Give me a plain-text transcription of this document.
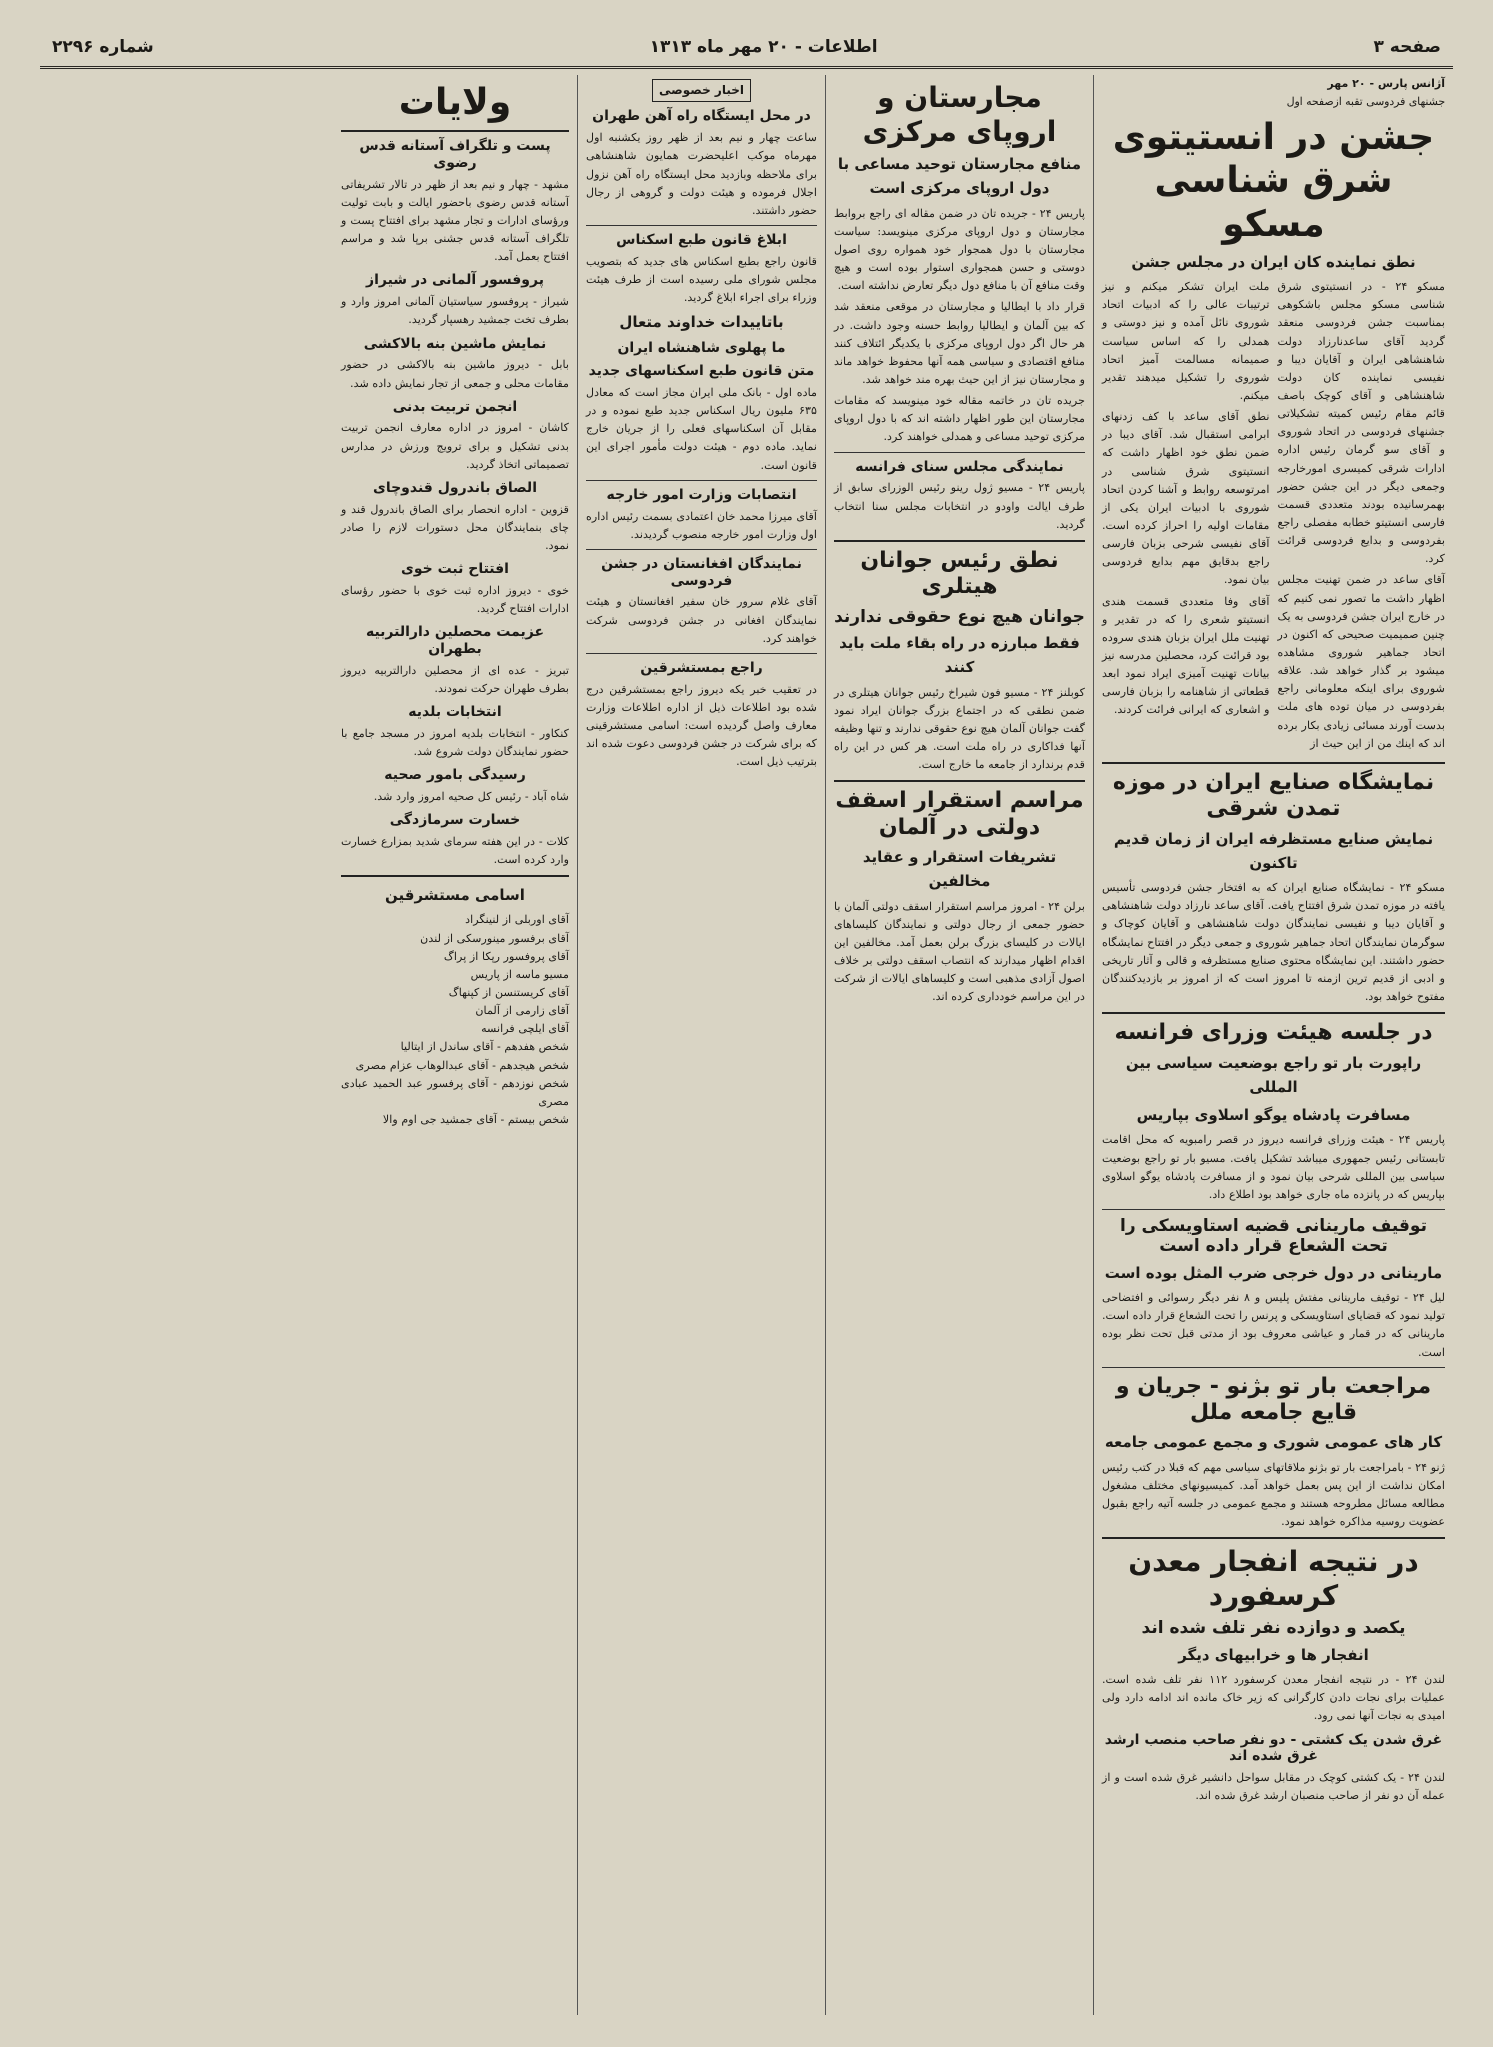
صفحه ۳
اطلاعات - ۲۰ مهر ماه ۱۳۱۳
شماره ۲۲۹۶
آژانس پارس - ۲۰ مهر
جشنهای فردوسی تقبه ازصفحه اول
جشن در انستیتوی شرق شناسی مسکو
نطق نماینده کان ایران در مجلس جشن

مسکو ۲۴ - در انستیتوی شرق شناسی مسکو مجلس باشکوهی بمناسبت جشن فردوسی منعقد گردید آقای ساعدنارزاد دولت شاهنشاهی ایران و آقایان دیبا و نفیسی نماینده کان دولت شاهنشاهی و آقای کوچک باصف قائم مقام رئیس کمیته تشکیلاتی جشنهای فردوسی در اتحاد شوروی و آقای سو گرمان رئیس اداره ادارات شرقی کمیسری امورخارجه وجمعی دیگر در این جشن حضور بهمرسانیده بودند متعددی قسمت فارسی انستیتو خطابه مفصلی راجع بفردوسی و بدایع فردوسی قرائت کرد.

آقای ساعد در ضمن تهنیت مجلس اظهار داشت ما تصور نمی کنیم که در خارج ایران جشن فردوسی به یک چنین صمیمیت صحیحی که اکنون در اتحاد جماهیر شوروی مشاهده میشود بر گذار خواهد شد. علاقه شوروی برای اینکه معلومانی راجع بفردوسی در میان توده های ملت بدست آورند مسائی زیادی بکار برده اند که اینك من از این حیث از

ملت ایران تشکر میکنم و نیز ترتیبات عالی را که ادبیات اتحاد شوروی نائل آمده و نیز دوستی و همدلی را که اساس سیاست صمیمانه مسالمت آمیز اتحاد شوروی را تشکیل میدهند تقدیر میکنم.

نطق آقای ساعد با کف زدنهای ابرامی استقبال شد. آقای دیبا در ضمن نطق خود اظهار داشت که انستیتوی شرق شناسی در امرتوسعه روابط و آشنا کردن اتحاد شوروی با ادبیات ایران یکی از مقامات اولیه را احراز کرده است. آقای نفیسی شرحی بزبان فارسی راجع بدقایق مهم بدایع فردوسی بیان نمود.

آقای وفا متعددی قسمت هندی انستیتو شعری را که در تقدیر و تهنیت ملل ایران بزبان هندی سروده بود قرائت کرد، محصلین مدرسه نیز بیانات تهنیت آمیزی ایراد نمود ابعد قطعاتی از شاهنامه را بزبان فارسی و اشعاری که ایرانی فرائت کردند.

نمایشگاه صنایع ایران در موزه تمدن شرقی
نمایش صنایع مستظرفه ایران از زمان قدیم تاکنون

مسکو ۲۴ - نمایشگاه صنایع ایران که به افتخار جشن فردوسی تأسیس یافته در موزه تمدن شرق افتتاح یافت. آقای ساعد نارزاد دولت شاهنشاهی و آقایان دیبا و نفیسی نمایندگان دولت شاهنشاهی و آقایان کوچاک و سوگرمان نمایندگان اتحاد جماهیر شوروی و جمعی دیگر در افتتاح نمایشگاه حضور داشتند. این نمایشگاه محتوی صنایع مستظرفه و قالی و آثار تاریخی و ادبی از قدیم ترین ازمنه تا امروز است که از امروز بر بازدیدکنندگان مفتوح خواهد بود.

در جلسه هیئت وزرای فرانسه
راپورت بار تو راجع بوضعیت سیاسی بین المللی
مسافرت پادشاه یوگو اسلاوی بپاریس

پاریس ۲۴ - هیئت وزرای فرانسه دیروز در قصر رامبویه که محل اقامت تابستانی رئیس جمهوری میباشد تشکیل یافت. مسیو بار تو راجع بوضعیت سیاسی بین المللی شرحی بیان نمود و از مسافرت پادشاه یوگو اسلاوی بپاریس که در پانزده ماه جاری خواهد بود اطلاع داد.

توقیف مارینانی قضیه استاویسکی را تحت الشعاع قرار داده است
مارینانی در دول خرجی ضرب المثل بوده است

لیل ۲۴ - توقیف مارینانی مفتش پلیس و ۸ نفر دیگر رسوائی و افتضاحی تولید نمود که قضایای استاویسکی و پرنس را تحت الشعاع قرار داده است. مارینانی که در قمار و عیاشی معروف بود از مدتی قبل تحت نظر بوده است.

مراجعت بار تو بژنو - جریان و قایع جامعه ملل
کار های عمومی شوری و مجمع عمومی جامعه

ژنو ۲۴ - بامراجعت بار تو بژنو ملاقاتهای سیاسی مهم که قبلا در کتب رئیس امکان نداشت از این پس بعمل خواهد آمد. کمیسیونهای مختلف مشغول مطالعه مسائل مطروحه هستند و مجمع عمومی در جلسه آتیه راجع بقبول عضویت روسیه مذاکره خواهد نمود.

در نتیجه انفجار معدن کرسفورد
یکصد و دوازده نفر تلف شده اند
انفجار ها و خرابیهای دیگر

لندن ۲۴ - در نتیجه انفجار معدن کرسفورد ۱۱۲ نفر تلف شده است. عملیات برای نجات دادن کارگرانی که زیر خاک مانده اند ادامه دارد ولی امیدی به نجات آنها نمی رود.

غرق شدن یک کشتی - دو نفر صاحب منصب ارشد غرق شده اند

لندن ۲۴ - یک کشتی کوچک در مقابل سواحل دانشیر غرق شده است و از عمله آن دو نفر از صاحب منصبان ارشد غرق شده اند.

مجارستان و اروپای مرکزی
منافع مجارستان توحید مساعی با دول اروپای مرکزی است

پاریس ۲۴ - جریده تان در ضمن مقاله ای راجع بروابط مجارستان و دول اروپای مرکزی مینویسد: سیاست مجارستان با دول همجوار خود همواره روی اصول دوستی و حسن همجواری استوار بوده است و هیچ وقت منافع آن با منافع دول دیگر تعارض نداشته است.

قرار داد با ایطالیا و مجارستان در موقعی منعقد شد که بین آلمان و ایطالیا روابط حسنه وجود داشت. در هر حال اگر دول اروپای مرکزی با یکدیگر ائتلاف کنند منافع اقتصادی و سیاسی همه آنها محفوظ خواهد ماند و مجارستان نیز از این حیث بهره مند خواهد شد.

جریده تان در خاتمه مقاله خود مینویسد که مقامات مجارستان این طور اظهار داشته اند که با دول اروپای مرکزی توحید مساعی و همدلی خواهند کرد.

نمایندگی مجلس سنای فرانسه

پاریس ۲۴ - مسیو ژول رینو رئیس الوزرای سابق از طرف ایالت واودو در انتخابات مجلس سنا انتخاب گردید.

نطق رئیس جوانان هیتلری
جوانان هیچ نوع حقوقی ندارند
فقط مبارزه در راه بقاء ملت باید کنند

کوبلنز ۲۴ - مسیو فون شیراخ رئیس جوانان هیتلری در ضمن نطقی که در اجتماع بزرگ جوانان ایراد نمود گفت جوانان آلمان هیچ نوع حقوقی ندارند و تنها وظیفه آنها فداکاری در راه ملت است. هر کس در این راه قدم برندارد از جامعه ما خارج است.

مراسم استقرار اسقف دولتی در آلمان
تشریفات استقرار و عقاید مخالفین

برلن ۲۴ - امروز مراسم استقرار اسقف دولتی آلمان با حضور جمعی از رجال دولتی و نمایندگان کلیساهای ایالات در کلیسای بزرگ برلن بعمل آمد. مخالفین این اقدام اظهار میدارند که انتصاب اسقف دولتی بر خلاف اصول آزادی مذهبی است و کلیساهای ایالات از شرکت در این مراسم خودداری کرده اند.

اخبار خصوصی
در محل ایستگاه راه آهن طهران

ساعت چهار و نیم بعد از ظهر روز یکشنبه اول مهرماه موکب اعلیحضرت همایون شاهنشاهی برای ملاحظه وبازدید محل ایستگاه راه آهن نزول اجلال فرموده و هیئت دولت و گروهی از رجال حضور داشتند.

ابلاغ قانون طبع اسکناس

قانون راجع بطبع اسکناس های جدید که بتصویب مجلس شورای ملی رسیده است از طرف هیئت وزراء برای اجراء ابلاغ گردید.

باتاییدات خداوند متعال
ما پهلوی شاهنشاه ایران
متن قانون طبع اسکناسهای جدید

ماده اول - بانک ملی ایران مجاز است که معادل ۶۳۵ ملیون ریال اسکناس جدید طبع نموده و در مقابل آن اسکناسهای فعلی را از جریان خارج نماید. ماده دوم - هیئت دولت مأمور اجرای این قانون است.

انتصابات وزارت امور خارجه

آقای میرزا محمد خان اعتمادی بسمت رئیس اداره اول وزارت امور خارجه منصوب گردیدند.

نمایندگان افغانستان در جشن فردوسی

آقای غلام سرور خان سفیر افغانستان و هیئت نمایندگان افغانی در جشن فردوسی شرکت خواهند کرد.

راجع بمستشرقین

در تعقیب خبر یکه دیروز راجع بمستشرقین درج شده بود اطلاعات ذیل از اداره اطلاعات وزارت معارف واصل گردیده است: اسامی مستشرقینی که برای شرکت در جشن فردوسی دعوت شده اند بترتیب ذیل است.

ولایات
پست و تلگراف آستانه قدس رضوی

مشهد - چهار و نیم بعد از ظهر در تالار تشریفاتی آستانه قدس رضوی باحضور ایالت و بابت تولیت ورؤسای ادارات و تجار مشهد برای افتتاح پست و تلگراف آستانه قدس جشنی برپا شد و مراسم افتتاح بعمل آمد.

پروفسور آلمانی در شیراز

شیراز - پروفسور سیاستیان آلمانی امروز وارد و بطرف تخت جمشید رهسپار گردید.

نمایش ماشین بنه بالاکشی

بابل - دیروز ماشین بنه بالاکشی در حضور مقامات محلی و جمعی از تجار نمایش داده شد.

انجمن تربیت بدنی

کاشان - امروز در اداره معارف انجمن تربیت بدنی تشکیل و برای ترویج ورزش در مدارس تصمیماتی اتخاذ گردید.

الصاق باندرول قندوچای

قزوین - اداره انحصار برای الصاق باندرول قند و چای بنمایندگان محل دستورات لازم را صادر نمود.

افتتاح ثبت خوی

خوی - دیروز اداره ثبت خوی با حضور رؤسای ادارات افتتاح گردید.

عزیمت محصلین دارالتربیه بطهران

تبریز - عده ای از محصلین دارالتربیه دیروز بطرف طهران حرکت نمودند.

انتخابات بلدیه

کنکاور - انتخابات بلدیه امروز در مسجد جامع با حضور نمایندگان دولت شروع شد.

رسیدگی بامور صحیه

شاه آباد - رئیس کل صحیه امروز وارد شد.

خسارت سرمازدگی

کلات - در این هفته سرمای شدید بمزارع خسارت وارد کرده است.

اسامی مستشرقین

آقای اوربلی از لنینگراد

آقای برفسور مینورسکی از لندن

آقای پروفسور رپکا از پراگ

مسیو ماسه از پاریس

آقای کریستنسن از کپنهاگ

آقای زارمی از آلمان

آقای ایلچی فرانسه

شخص هفدهم - آقای ساندل از ایتالیا

شخص هیجدهم - آقای عبدالوهاب عزام مصری

شخص نوزدهم - آقای پرفسور عبد الحمید عبادی مصری

شخص بیستم - آقای جمشید جی اوم والا
